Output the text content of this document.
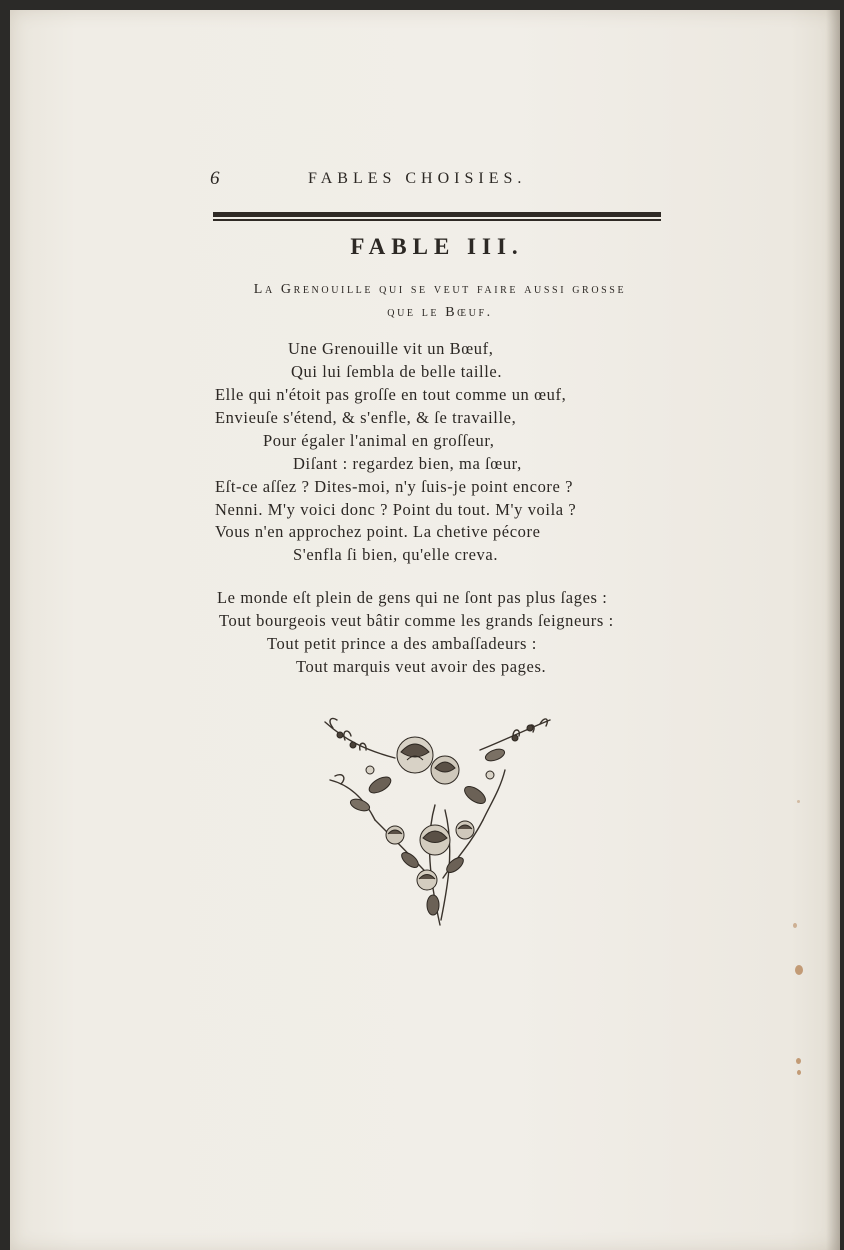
6	FABLES CHOISIES.
FABLE III.
La Grenouille qui se veut faire aussi grosse
que le Bœuf.
Une Grenouille vit un Bœuf,
Qui lui ſembla de belle taille.
Elle qui n'étoit pas groſſe en tout comme un œuf,
Envieuſe s'étend, & s'enfle, & ſe travaille,
Pour égaler l'animal en groſſeur,
Diſant : regardez bien, ma ſœur,
Eſt-ce aſſez ? Dites-moi, n'y ſuis-je point encore ?
Nenni. M'y voici donc ? Point du tout. M'y voila ?
Vous n'en approchez point. La chetive pécore
S'enfla ſi bien, qu'elle creva.
Le monde eſt plein de gens qui ne ſont pas plus ſages :
Tout bourgeois veut bâtir comme les grands ſeigneurs :
Tout petit prince a des ambaſſadeurs :
Tout marquis veut avoir des pages.
